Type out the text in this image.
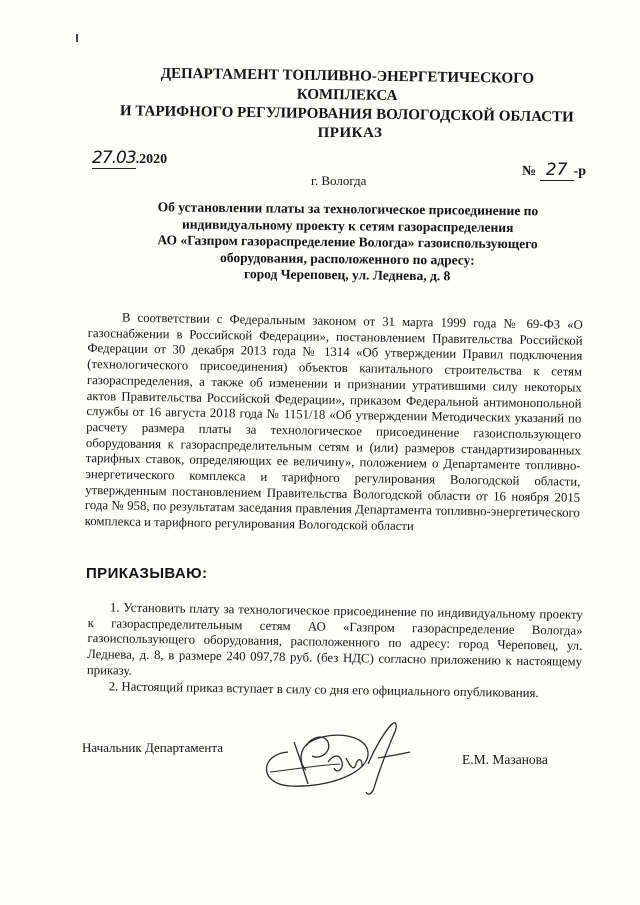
ДЕПАРТАМЕНТ ТОПЛИВНО-ЭНЕРГЕТИЧЕСКОГО КОМПЛЕКСА
И ТАРИФНОГО РЕГУЛИРОВАНИЯ ВОЛОГОДСКОЙ ОБЛАСТИ
ПРИКАЗ
27.03.2020
г. Вологда
№ 27 -р
Об установлении платы за технологическое присоединение по
индивидуальному проекту к сетям газораспределения
АО «Газпром газораспределение Вологда» газоиспользующего
оборудования, расположенного по адресу:
город Череповец, ул. Леднева, д. 8

В соответствии с Федеральным законом от 31 марта 1999 года № 69-ФЗ «О газоснабжении в Российской Федерации», постановлением Правительства Российской Федерации от 30 декабря 2013 года № 1314 «Об утверждении Правил подключения (технологического присоединения) объектов капитального строительства к сетям газораспределения, а также об изменении и признании утратившими силу некоторых актов Правительства Российской Федерации», приказом Федеральной антимонопольной службы от 16 августа 2018 года № 1151/18 «Об утверждении Методических указаний по расчету размера платы за технологическое присоединение газоиспользующего оборудования к газораспределительным сетям и (или) размеров стандартизированных тарифных ставок, определяющих ее величину», положением о Департаменте топливно-энергетического комплекса и тарифного регулирования Вологодской области, утвержденным постановлением Правительства Вологодской области от 16 ноября 2015 года № 958, по результатам заседания правления Департамента топливно-энергетического комплекса и тарифного регулирования Вологодской области

ПРИКАЗЫВАЮ:

1. Установить плату за технологическое присоединение по индивидуальному проекту к газораспределительным сетям АО «Газпром газораспределение Вологда» газоиспользующего оборудования, расположенного по адресу: город Череповец, ул. Леднева, д. 8, в размере 240 097,78 руб. (без НДС) согласно приложению к настоящему приказу.

2. Настоящий приказ вступает в силу со дня его официального опубликования.

Начальник Департамента
Е.М. Мазанова
